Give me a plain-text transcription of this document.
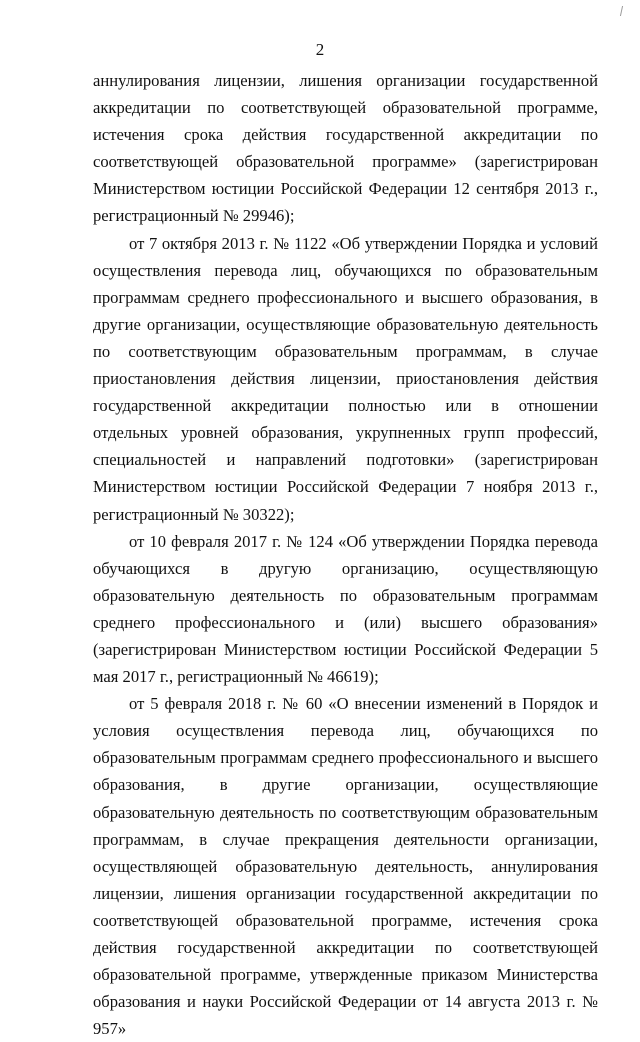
2

аннулирования лицензии, лишения организации государственной аккредитации по соответствующей образовательной программе, истечения срока действия государственной аккредитации по соответствующей образовательной программе» (зарегистрирован Министерством юстиции Российской Федерации 12 сентября 2013 г., регистрационный № 29946);

от 7 октября 2013 г. № 1122 «Об утверждении Порядка и условий осуществления перевода лиц, обучающихся по образовательным программам среднего профессионального и высшего образования, в другие организации, осуществляющие образовательную деятельность по соответствующим образовательным программам, в случае приостановления действия лицензии, приостановления действия государственной аккредитации полностью или в отношении отдельных уровней образования, укрупненных групп профессий, специальностей и направлений подготовки» (зарегистрирован Министерством юстиции Российской Федерации 7 ноября 2013 г., регистрационный № 30322);

от 10 февраля 2017 г. № 124 «Об утверждении Порядка перевода обучающихся в другую организацию, осуществляющую образовательную деятельность по образовательным программам среднего профессионального и (или) высшего образования» (зарегистрирован Министерством юстиции Российской Федерации 5 мая 2017 г., регистрационный № 46619);

от 5 февраля 2018 г. № 60 «О внесении изменений в Порядок и условия осуществления перевода лиц, обучающихся по образовательным программам среднего профессионального и высшего образования, в другие организации, осуществляющие образовательную деятельность по соответствующим образовательным программам, в случае прекращения деятельности организации, осуществляющей образовательную деятельность, аннулирования лицензии, лишения организации государственной аккредитации по соответствующей образовательной программе, истечения срока действия государственной аккредитации по соответствующей образовательной программе, утвержденные приказом Министерства образования и науки Российской Федерации от 14 августа 2013 г. № 957»
